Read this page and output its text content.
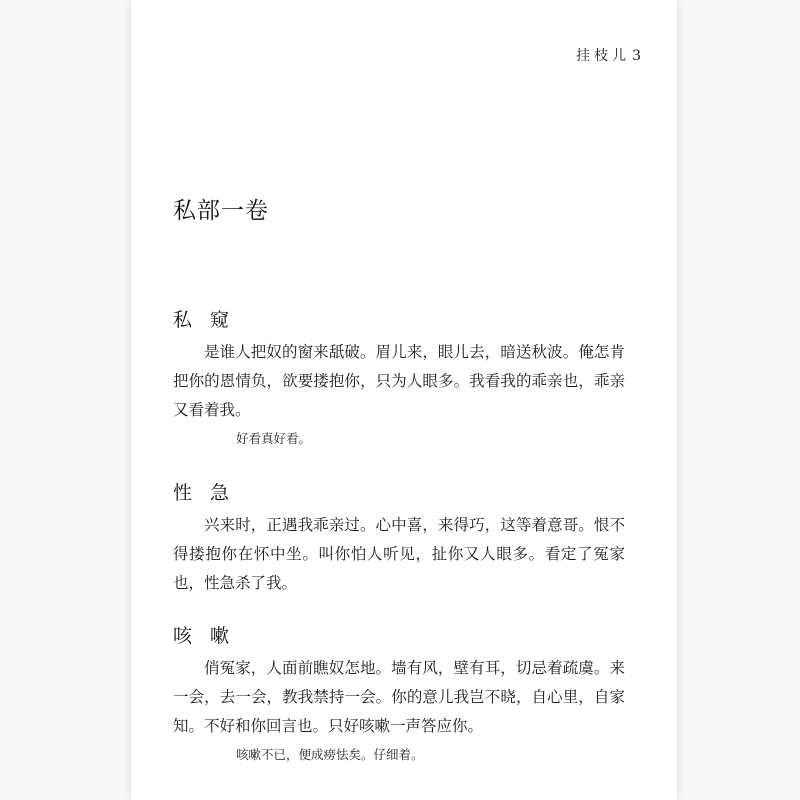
挂枝儿 3
私部一卷
私窥
是谁人把奴的窗来舐破。眉儿来，眼儿去，暗送秋波。俺怎肯把你的恩情负，欲要搂抱你，只为人眼多。我看我的乖亲也，乖亲又看着我。
好看真好看。
性急
兴来时，正遇我乖亲过。心中喜，来得巧，这等着意哥。恨不得搂抱你在怀中坐。叫你怕人听见，扯你又人眼多。看定了冤家也，性急杀了我。
咳嗽
俏冤家，人面前瞧奴怎地。墙有风，壁有耳，切忌着疏虞。来一会，去一会，教我禁持一会。你的意儿我岂不晓，自心里，自家知。不好和你回言也。只好咳嗽一声答应你。
咳嗽不已，便成痨怯矣。仔细着。
